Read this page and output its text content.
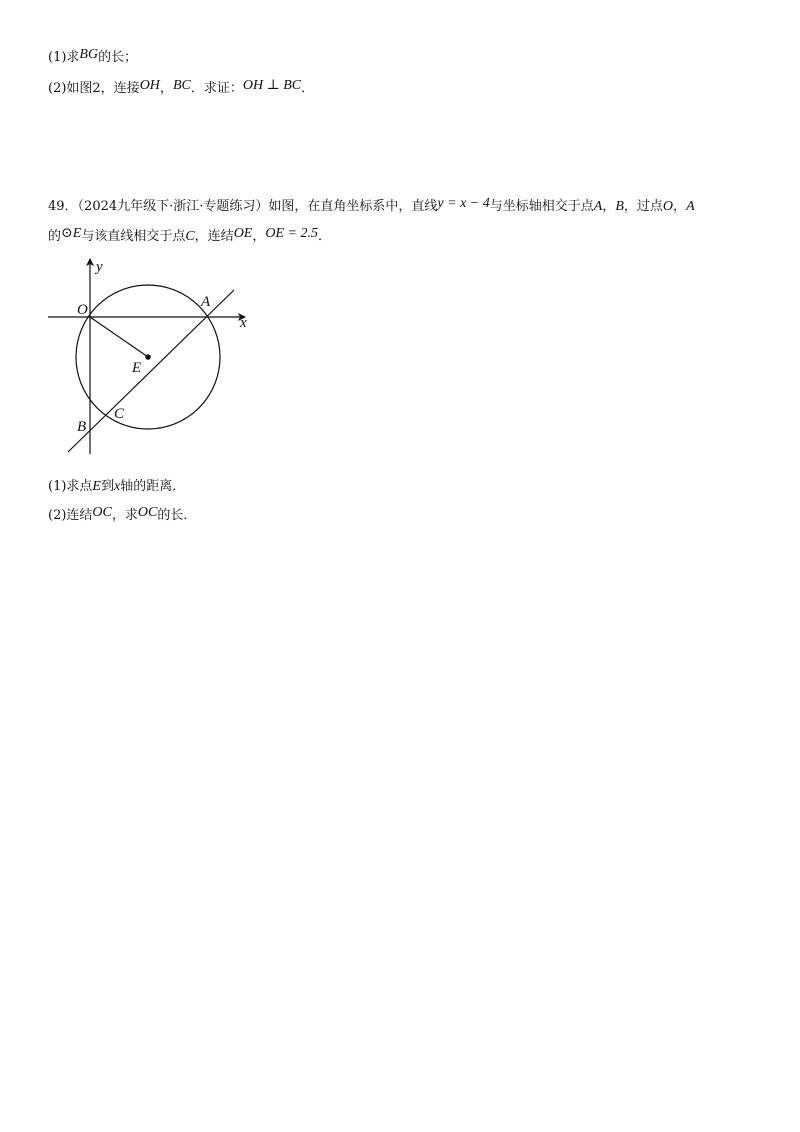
(1)求BG的长；
(2)如图2，连接OH，BC．求证：OH ⊥ BC．
49．（2024九年级下·浙江·专题练习）如图，在直角坐标系中，直线y = x − 4与坐标轴相交于点A，B，过点O，A
的⊙E与该直线相交于点C，连结OE，OE = 2.5．
y
x
O	A
E
C
B
(1)求点E到x轴的距离．
(2)连结OC，求OC的长．
